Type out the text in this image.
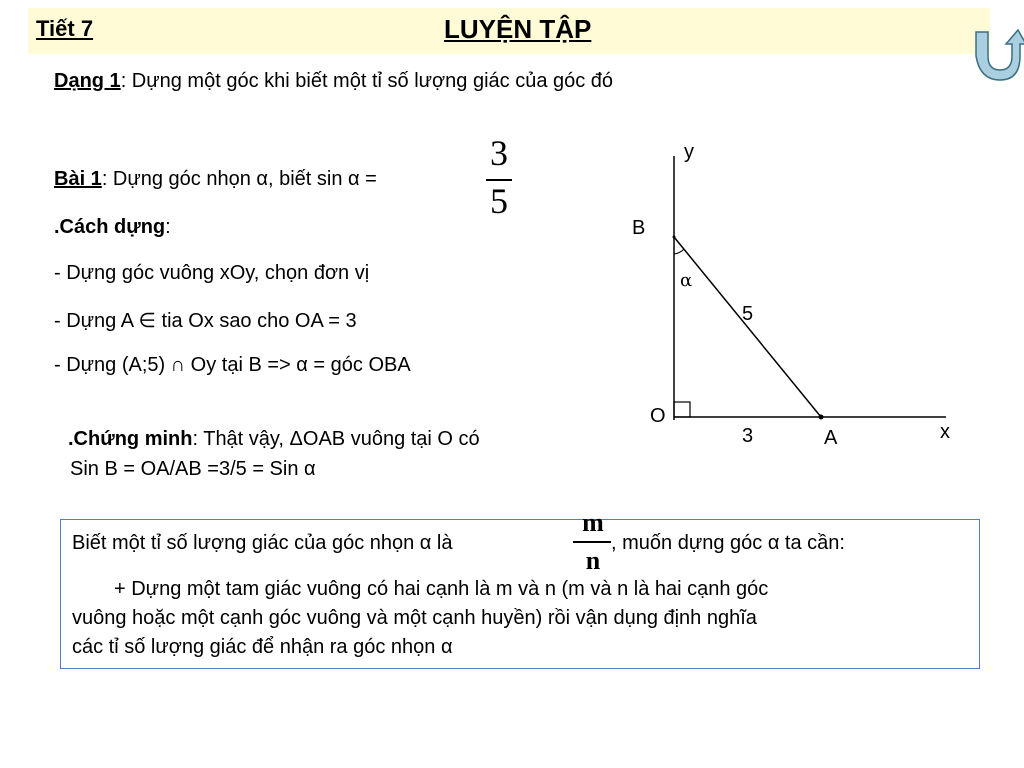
Tiết 7	LUYỆN TẬP
Dạng 1: Dựng một góc khi biết một tỉ số lượng giác của góc đó
Bài 1: Dựng góc nhọn α, biết sin α =
3
5
.Cách dựng:
- Dựng góc vuông xOy, chọn đơn vị
- Dựng A ∈ tia Ox sao cho OA = 3
- Dựng (A;5) ∩ Oy tại B => α = góc OBA
.Chứng minh: Thật vậy, ΔOAB vuông tại O có
Sin B = OA/AB =3/5 = Sin α
y
x
B
O
A
α
5
3
Biết một tỉ số lượng giác của góc nhọn α là
m
n
, muốn dựng góc α ta cần:
+ Dựng một tam giác vuông có hai cạnh là m và n (m và n là hai cạnh góc
vuông hoặc một cạnh góc vuông và một cạnh huyền) rồi vận dụng định nghĩa
các tỉ số lượng giác để nhận ra góc nhọn α
